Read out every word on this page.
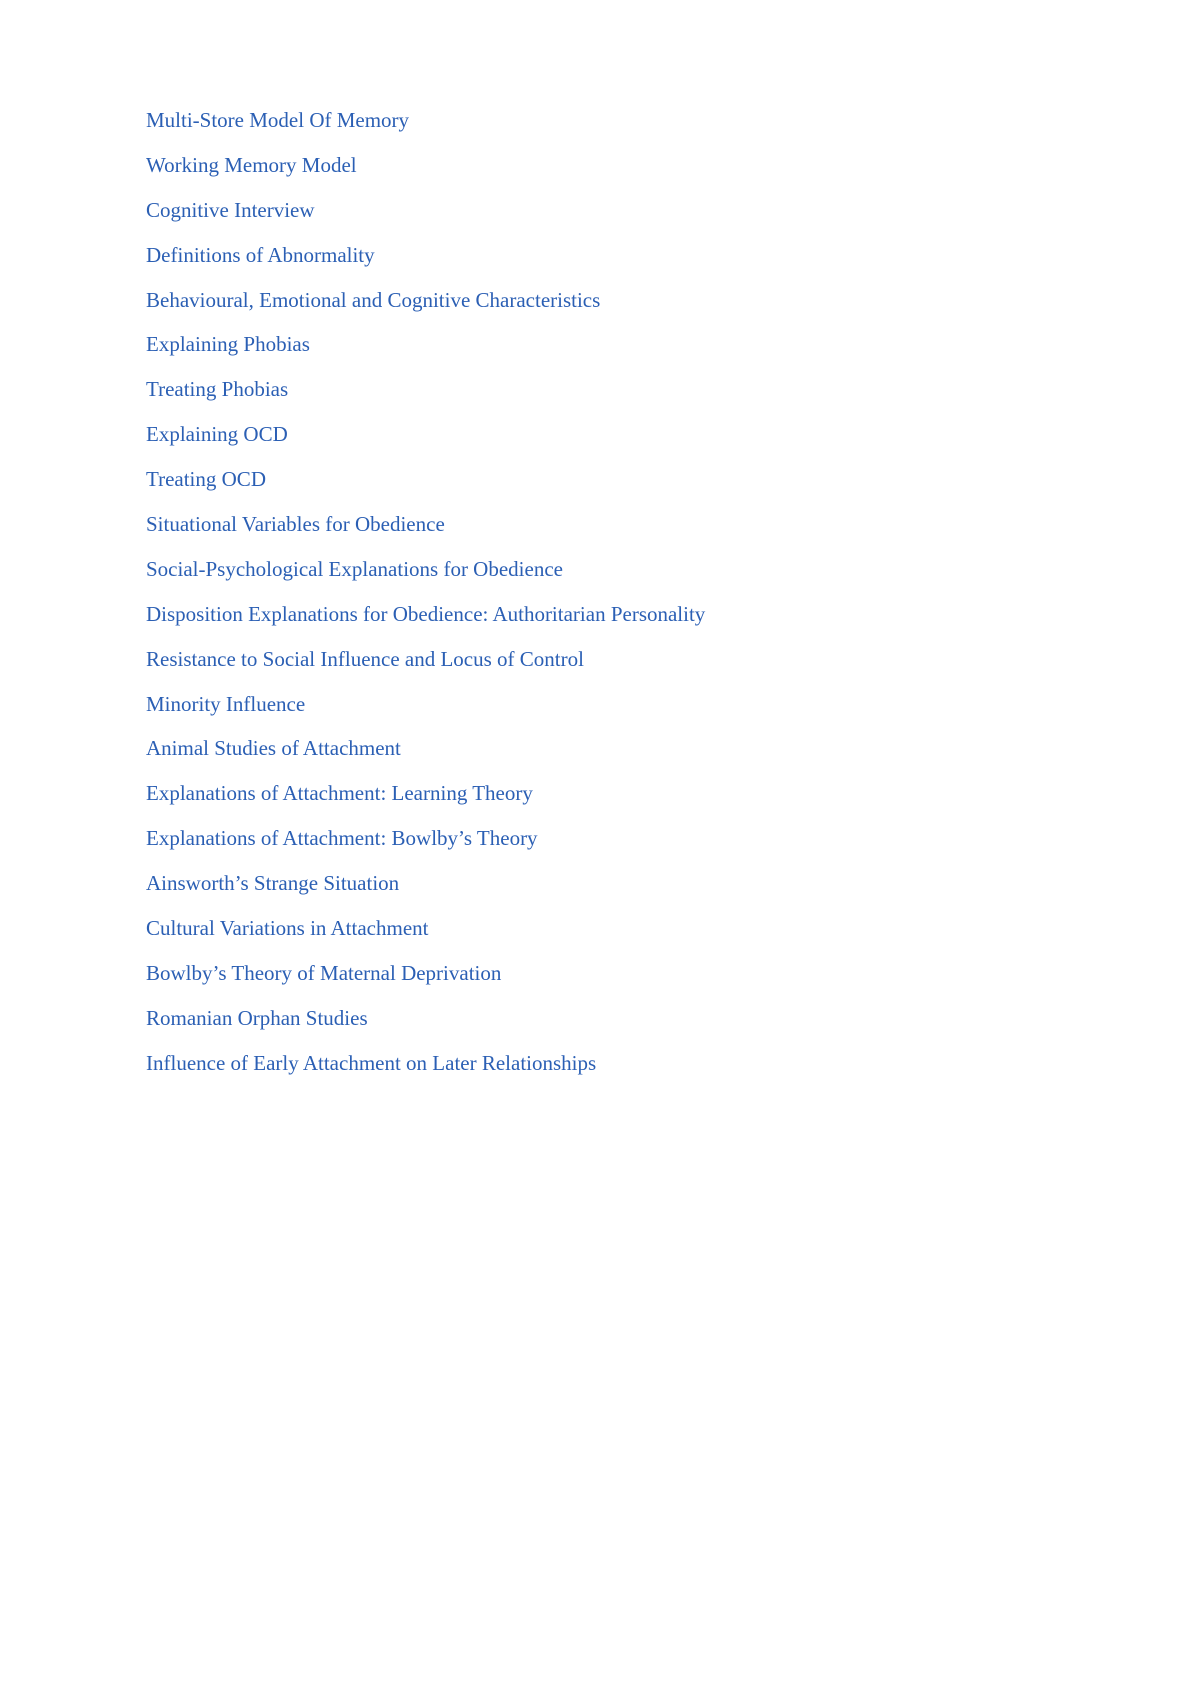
Multi-Store Model Of Memory
Working Memory Model
Cognitive Interview
Definitions of Abnormality
Behavioural, Emotional and Cognitive Characteristics
Explaining Phobias
Treating Phobias
Explaining OCD
Treating OCD
Situational Variables for Obedience
Social-Psychological Explanations for Obedience
Disposition Explanations for Obedience: Authoritarian Personality
Resistance to Social Influence and Locus of Control
Minority Influence
Animal Studies of Attachment
Explanations of Attachment: Learning Theory
Explanations of Attachment: Bowlby’s Theory
Ainsworth’s Strange Situation
Cultural Variations in Attachment
Bowlby’s Theory of Maternal Deprivation
Romanian Orphan Studies
Influence of Early Attachment on Later Relationships
